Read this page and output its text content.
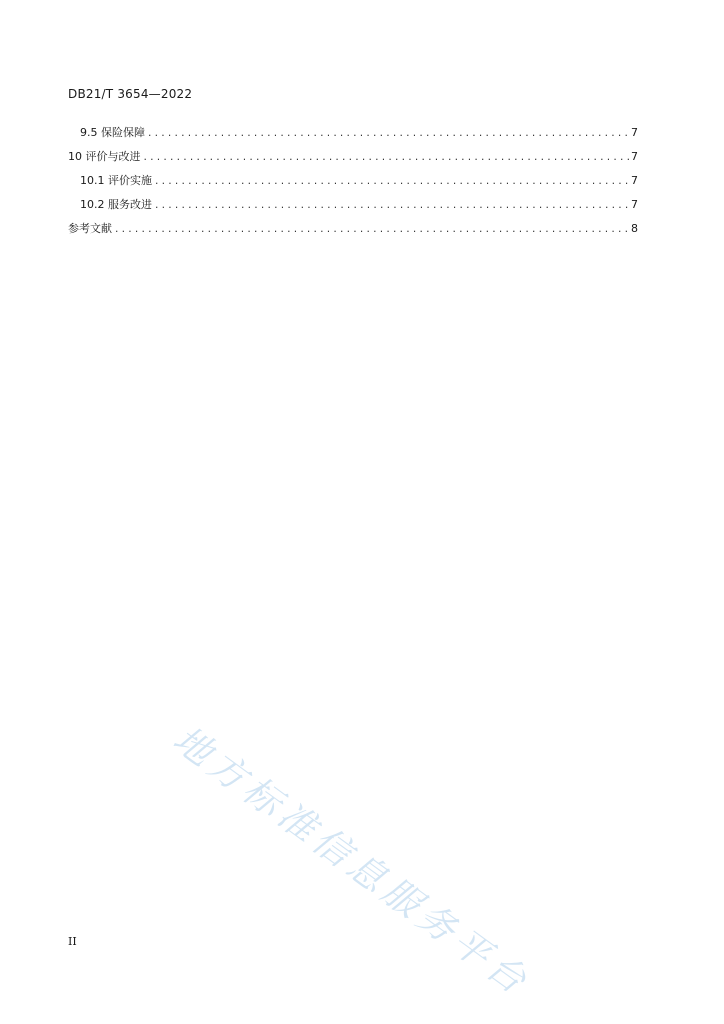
DB21/T 3654—2022
9.5 保险保障 .....	7
10 评价与改进 .....	7
10.1 评价实施 .....	7
10.2 服务改进 .....	7
参考文献 .....	8
地方标准信息服务平台
II
